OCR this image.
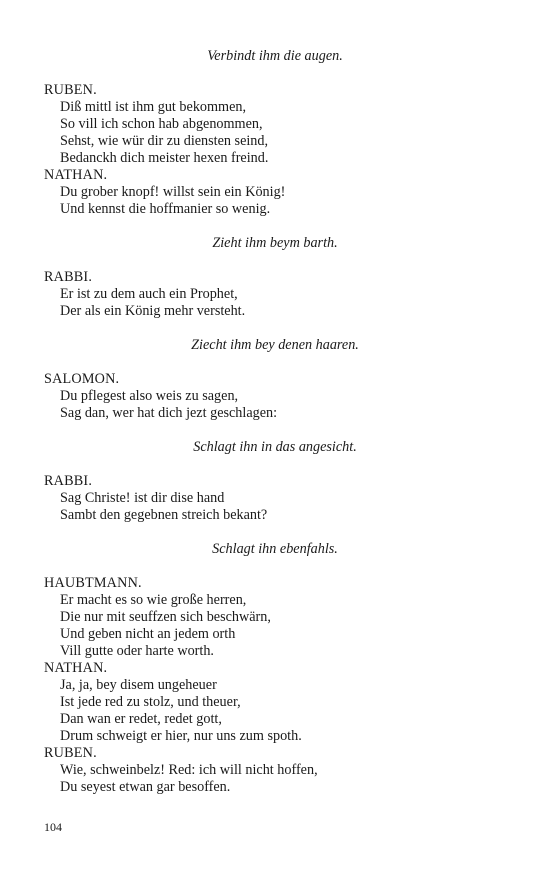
Verbindt ihm die augen.
RUBEN.
Diß mittl ist ihm gut bekommen,
So vill ich schon hab abgenommen,
Sehst, wie wür dir zu diensten seind,
Bedanckh dich meister hexen freind.
NATHAN.
Du grober knopf! willst sein ein König!
Und kennst die hoffmanier so wenig.
Zieht ihm beym barth.
RABBI.
Er ist zu dem auch ein Prophet,
Der als ein König mehr versteht.
Ziecht ihm bey denen haaren.
SALOMON.
Du pflegest also weis zu sagen,
Sag dan, wer hat dich jezt geschlagen:
Schlagt ihn in das angesicht.
RABBI.
Sag Christe! ist dir dise hand
Sambt den gegebnen streich bekant?
Schlagt ihn ebenfahls.
HAUBTMANN.
Er macht es so wie große herren,
Die nur mit seuffzen sich beschwärn,
Und geben nicht an jedem orth
Vill gutte oder harte worth.
NATHAN.
Ja, ja, bey disem ungeheuer
Ist jede red zu stolz, und theuer,
Dan wan er redet, redet gott,
Drum schweigt er hier, nur uns zum spoth.
RUBEN.
Wie, schweinbelz! Red: ich will nicht hoffen,
Du seyest etwan gar besoffen.
104
